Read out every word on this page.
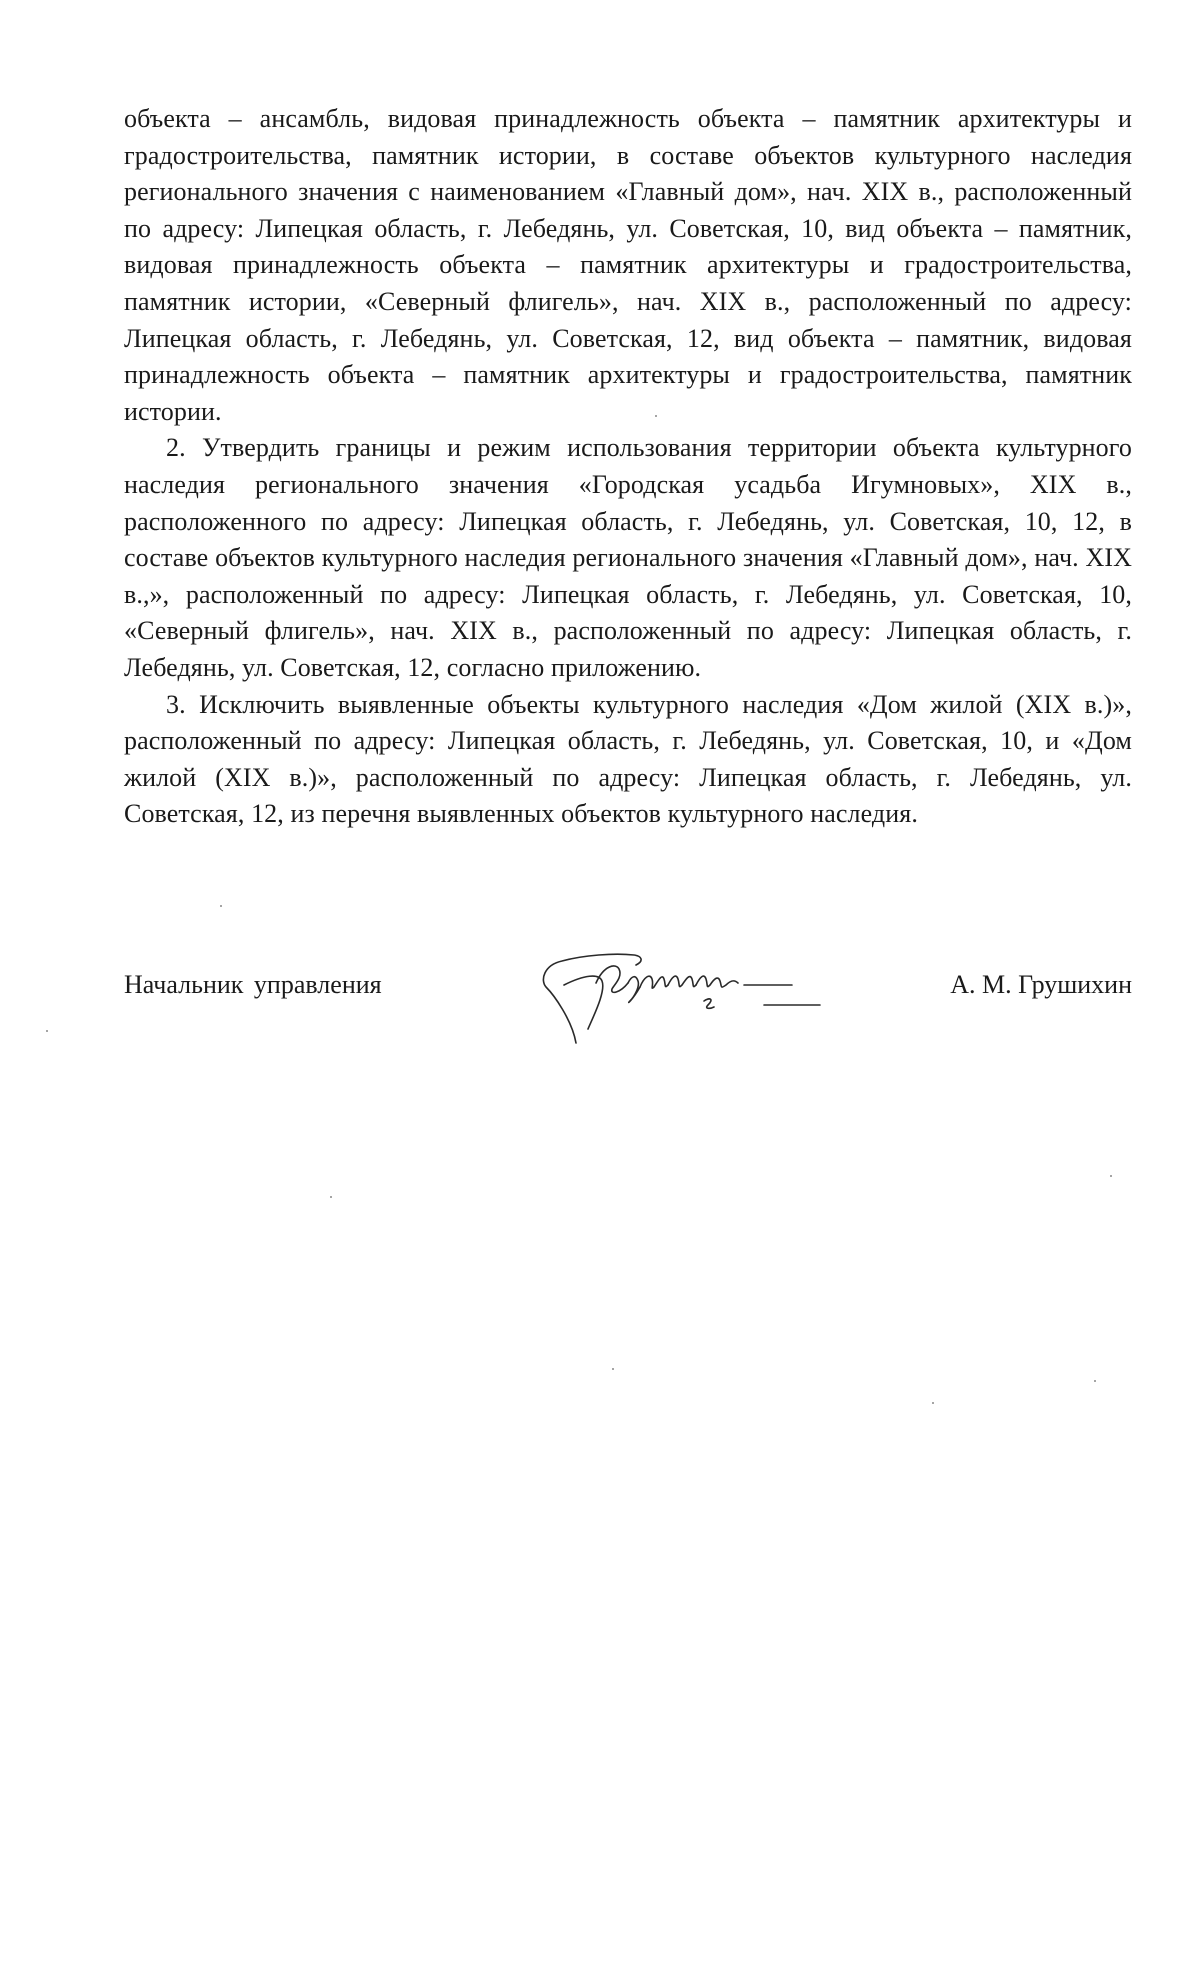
объекта – ансамбль, видовая принадлежность объекта – памятник архитектуры и градостроительства, памятник истории, в составе объектов культурного наследия регионального значения с наименованием «Главный дом», нач. XIX в., расположенный по адресу: Липецкая область, г. Лебедянь, ул. Советская, 10, вид объекта – памятник, видовая принадлежность объекта – памятник архитектуры и градостроительства, памятник истории, «Северный флигель», нач. XIX в., расположенный по адресу: Липецкая область, г. Лебедянь, ул. Советская, 12, вид объекта – памятник, видовая принадлежность объекта – памятник архитектуры и градостроительства, памятник истории.

2. Утвердить границы и режим использования территории объекта культурного наследия регионального значения «Городская усадьба Игумновых», XIX в., расположенного по адресу: Липецкая область, г. Лебедянь, ул. Советская, 10, 12, в составе объектов культурного наследия регионального значения «Главный дом», нач. XIX в.,», расположенный по адресу: Липецкая область, г. Лебедянь, ул. Советская, 10, «Северный флигель», нач. XIX в., расположенный по адресу: Липецкая область, г. Лебедянь, ул. Советская, 12, согласно приложению.

3. Исключить выявленные объекты культурного наследия «Дом жилой (XIX в.)», расположенный по адресу: Липецкая область, г. Лебедянь, ул. Советская, 10, и «Дом жилой (XIX в.)», расположенный по адресу: Липецкая область, г. Лебедянь, ул. Советская, 12, из перечня выявленных объектов культурного наследия.

Начальник управления	А. М. Грушихин
